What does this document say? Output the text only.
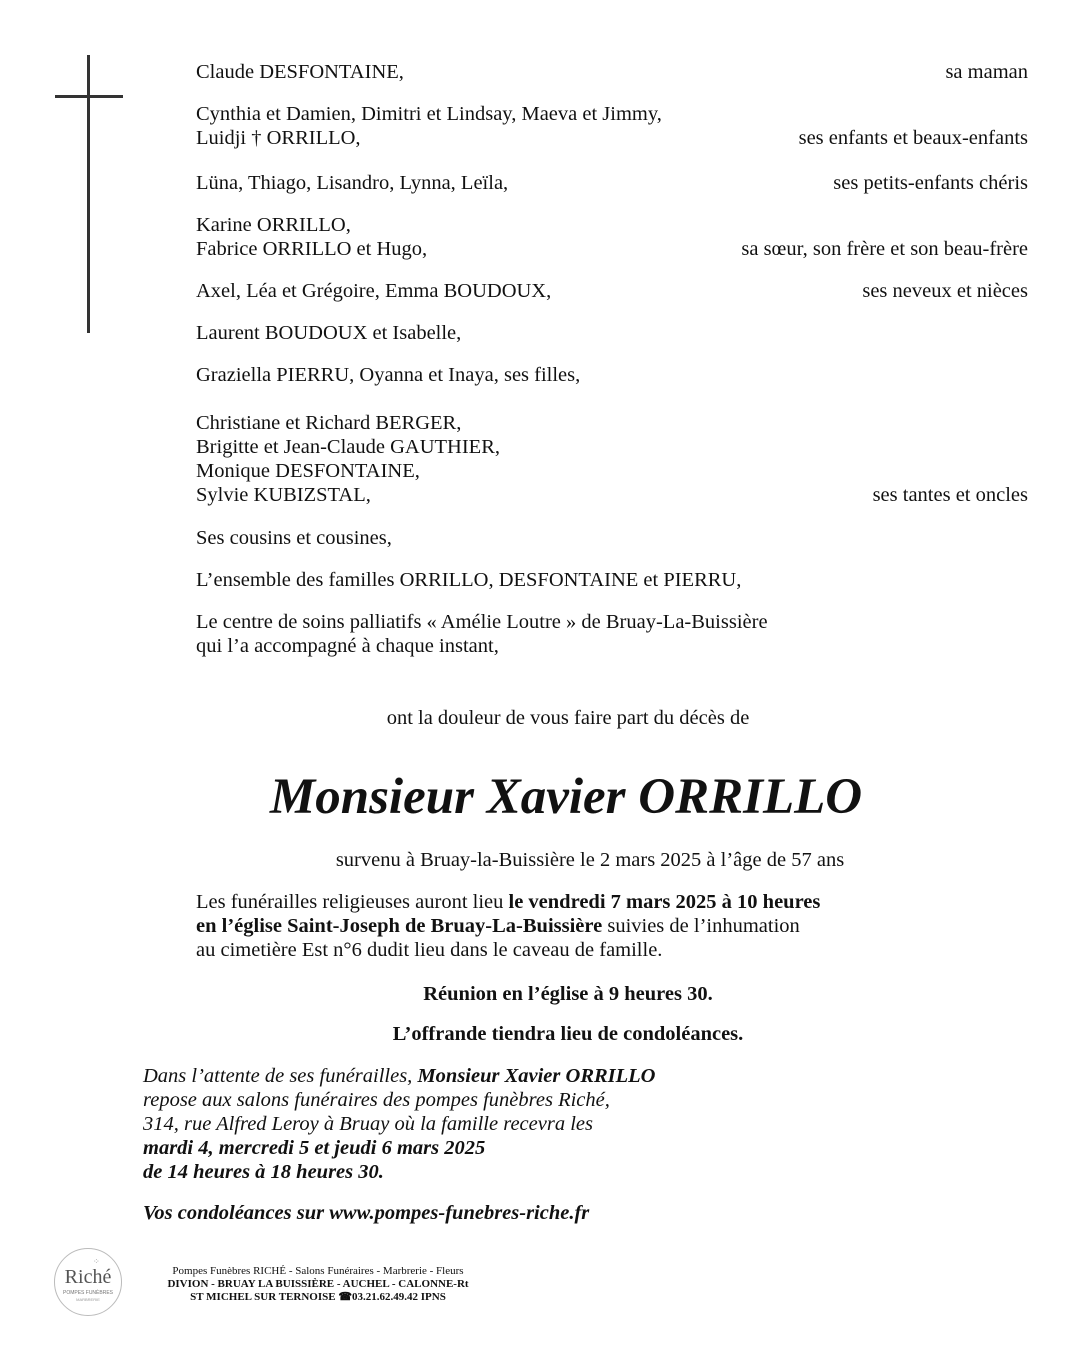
Claude DESFONTAINE,	sa maman
Cynthia et Damien, Dimitri et Lindsay, Maeva et Jimmy,
Luidji † ORRILLO,	ses enfants et beaux-enfants
Lüna, Thiago, Lisandro, Lynna, Leïla,	ses petits-enfants chéris
Karine ORRILLO,
Fabrice ORRILLO et Hugo,	sa sœur, son frère et son beau-frère
Axel, Léa et Grégoire, Emma BOUDOUX,	ses neveux et nièces
Laurent BOUDOUX et Isabelle,
Graziella PIERRU, Oyanna et Inaya, ses filles,
Christiane et Richard BERGER,
Brigitte et Jean-Claude GAUTHIER,
Monique DESFONTAINE,
Sylvie KUBIZSTAL,	ses tantes et oncles
Ses cousins et cousines,
L’ensemble des familles ORRILLO, DESFONTAINE et PIERRU,
Le centre de soins palliatifs « Amélie Loutre » de Bruay-La-Buissière
qui l’a accompagné à chaque instant,
ont la douleur de vous faire part du décès de
Monsieur Xavier ORRILLO
survenu à Bruay-la-Buissière le 2 mars 2025 à l’âge de 57 ans
Les funérailles religieuses auront lieu le vendredi 7 mars 2025 à 10 heures
en l’église Saint-Joseph de Bruay-La-Buissière suivies de l’inhumation
au cimetière Est n°6 dudit lieu dans le caveau de famille.
Réunion en l’église à 9 heures 30.
L’offrande tiendra lieu de condoléances.
Dans l’attente de ses funérailles, Monsieur Xavier ORRILLO
repose aux salons funéraires des pompes funèbres Riché,
314, rue Alfred Leroy à Bruay où la famille recevra les
mardi 4, mercredi 5 et jeudi 6 mars 2025
de 14 heures à 18 heures 30.
Vos condoléances sur www.pompes-funebres-riche.fr
⁘
Riché
POMPES FUNÈBRES
MARBRERIE
Pompes Funèbres RICHÉ - Salons Funéraires - Marbrerie - Fleurs
DIVION - BRUAY LA BUISSIÈRE - AUCHEL - CALONNE-Rt
ST MICHEL SUR TERNOISE ☎03.21.62.49.42 IPNS
